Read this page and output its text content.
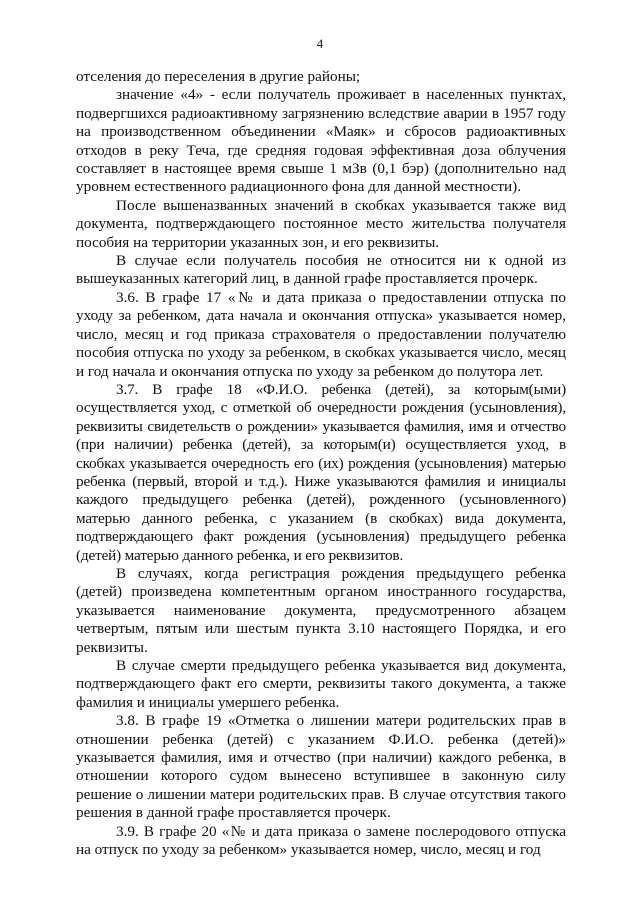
4

отселения до переселения в другие районы;

значение «4» - если получатель проживает в населенных пунктах, подвергшихся радиоактивному загрязнению вследствие аварии в 1957 году на производственном объединении «Маяк» и сбросов радиоактивных отходов в реку Теча, где средняя годовая эффективная доза облучения составляет в настоящее время свыше 1 мЗв (0,1 бэр) (дополнительно над уровнем естественного радиационного фона для данной местности).

После вышеназванных значений в скобках указывается также вид документа, подтверждающего постоянное место жительства получателя пособия на территории указанных зон, и его реквизиты.

В случае если получатель пособия не относится ни к одной из вышеуказанных категорий лиц, в данной графе проставляется прочерк.

3.6. В графе 17 «№ и дата приказа о предоставлении отпуска по уходу за ребенком, дата начала и окончания отпуска» указывается номер, число, месяц и год приказа страхователя о предоставлении получателю пособия отпуска по уходу за ребенком, в скобках указывается число, месяц и год начала и окончания отпуска по уходу за ребенком до полутора лет.

3.7. В графе 18 «Ф.И.О. ребенка (детей), за которым(ыми) осуществляется уход, с отметкой об очередности рождения (усыновления), реквизиты свидетельств о рождении» указывается фамилия, имя и отчество (при наличии) ребенка (детей), за которым(и) осуществляется уход, в скобках указывается очередность его (их) рождения (усыновления) матерью ребенка (первый, второй и т.д.). Ниже указываются фамилия и инициалы каждого предыдущего ребенка (детей), рожденного (усыновленного) матерью данного ребенка, с указанием (в скобках) вида документа, подтверждающего факт рождения (усыновления) предыдущего ребенка (детей) матерью данного ребенка, и его реквизитов.

В случаях, когда регистрация рождения предыдущего ребенка (детей) произведена компетентным органом иностранного государства, указывается наименование документа, предусмотренного абзацем четвертым, пятым или шестым пункта 3.10 настоящего Порядка, и его реквизиты.

В случае смерти предыдущего ребенка указывается вид документа, подтверждающего факт его смерти, реквизиты такого документа, а также фамилия и инициалы умершего ребенка.

3.8. В графе 19 «Отметка о лишении матери родительских прав в отношении ребенка (детей) с указанием Ф.И.О. ребенка (детей)» указывается фамилия, имя и отчество (при наличии) каждого ребенка, в отношении которого судом вынесено вступившее в законную силу решение о лишении матери родительских прав. В случае отсутствия такого решения в данной графе проставляется прочерк.

3.9. В графе 20 «№ и дата приказа о замене послеродового отпуска на отпуск по уходу за ребенком» указывается номер, число, месяц и год
